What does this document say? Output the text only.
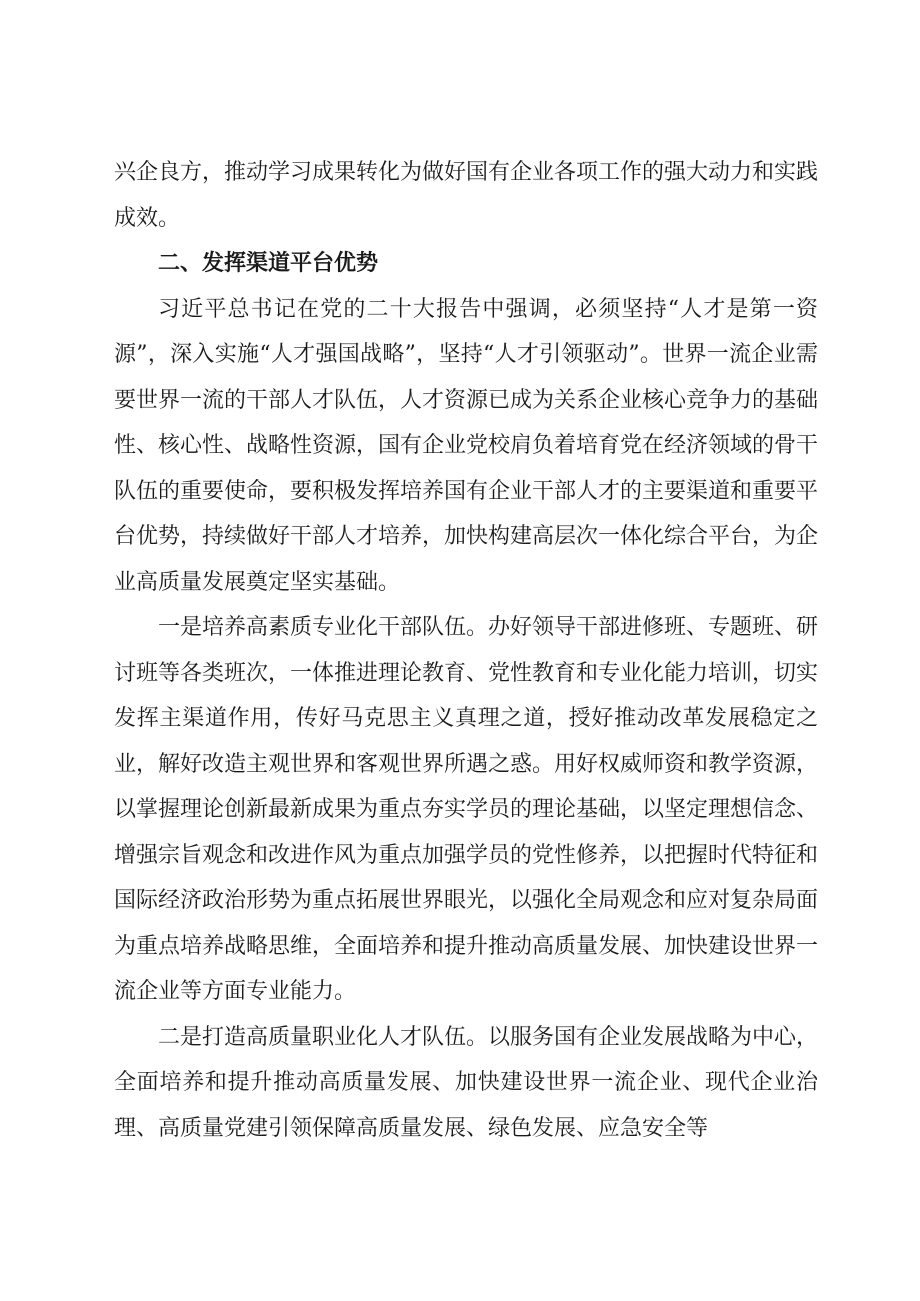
兴企良方，推动学习成果转化为做好国有企业各项工作的强大动力和实践成效。

二、发挥渠道平台优势

习近平总书记在党的二十大报告中强调，必须坚持“人才是第一资源”，深入实施“人才强国战略”，坚持“人才引领驱动”。世界一流企业需要世界一流的干部人才队伍，人才资源已成为关系企业核心竞争力的基础性、核心性、战略性资源，国有企业党校肩负着培育党在经济领域的骨干队伍的重要使命，要积极发挥培养国有企业干部人才的主要渠道和重要平台优势，持续做好干部人才培养，加快构建高层次一体化综合平台，为企业高质量发展奠定坚实基础。

一是培养高素质专业化干部队伍。办好领导干部进修班、专题班、研讨班等各类班次，一体推进理论教育、党性教育和专业化能力培训，切实发挥主渠道作用，传好马克思主义真理之道，授好推动改革发展稳定之业，解好改造主观世界和客观世界所遇之惑。用好权威师资和教学资源，以掌握理论创新最新成果为重点夯实学员的理论基础，以坚定理想信念、增强宗旨观念和改进作风为重点加强学员的党性修养，以把握时代特征和国际经济政治形势为重点拓展世界眼光，以强化全局观念和应对复杂局面为重点培养战略思维，全面培养和提升推动高质量发展、加快建设世界一流企业等方面专业能力。

二是打造高质量职业化人才队伍。以服务国有企业发展战略为中心，全面培养和提升推动高质量发展、加快建设世界一流企业、现代企业治理、高质量党建引领保障高质量发展、绿色发展、应急安全等
